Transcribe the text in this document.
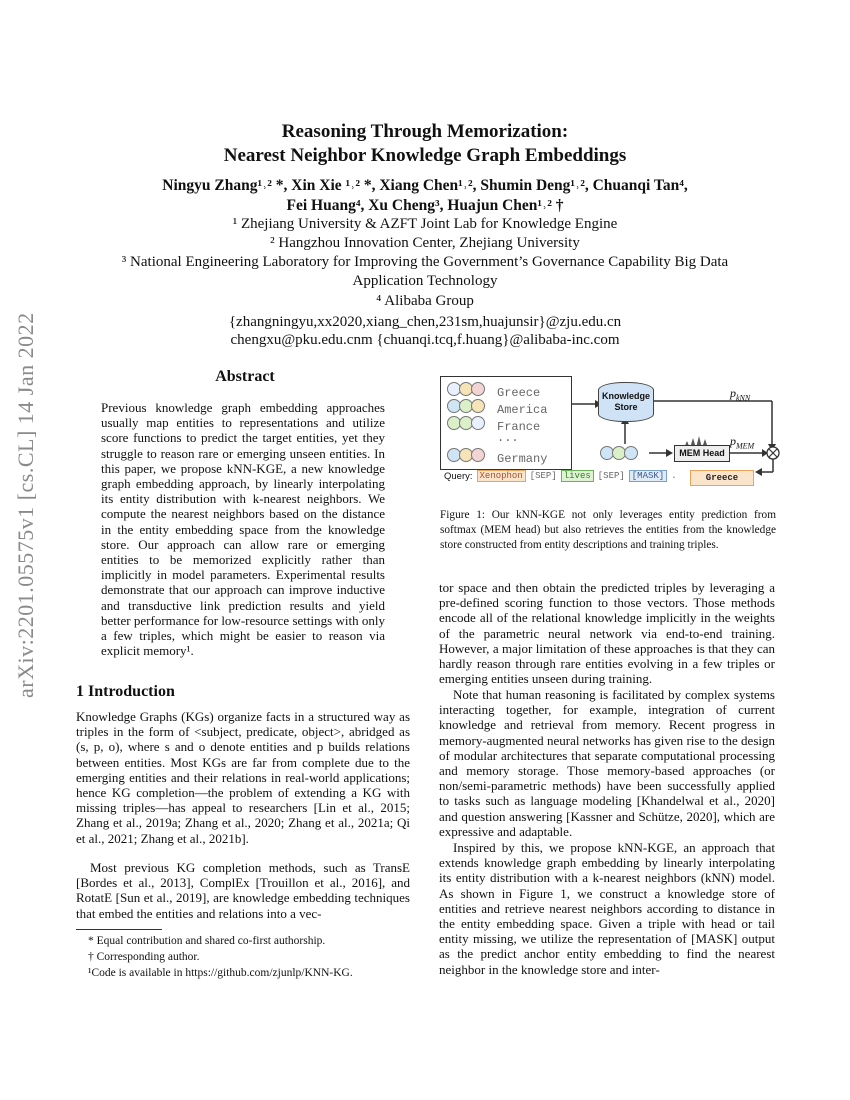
arXiv:2201.05575v1 [cs.CL] 14 Jan 2022
Reasoning Through Memorization:
Nearest Neighbor Knowledge Graph Embeddings
Ningyu Zhang¹˒² *, Xin Xie ¹˒² *, Xiang Chen¹˒², Shumin Deng¹˒², Chuanqi Tan⁴,
Fei Huang⁴, Xu Cheng³, Huajun Chen¹˒² †
¹ Zhejiang University & AZFT Joint Lab for Knowledge Engine
² Hangzhou Innovation Center, Zhejiang University
³ National Engineering Laboratory for Improving the Government’s Governance Capability Big Data
Application Technology
⁴ Alibaba Group
{zhangningyu,xx2020,xiang_chen,231sm,huajunsir}@zju.edu.cn
chengxu@pku.edu.cnm {chuanqi.tcq,f.huang}@alibaba-inc.com
Abstract
Previous knowledge graph embedding approaches usually map entities to representations and utilize score functions to predict the target entities, yet they struggle to reason rare or emerging unseen entities. In this paper, we propose kNN-KGE, a new knowledge graph embedding approach, by linearly interpolating its entity distribution with k-nearest neighbors. We compute the nearest neighbors based on the distance in the entity embedding space from the knowledge store. Our approach can allow rare or emerging entities to be memorized explicitly rather than implicitly in model parameters. Experimental results demonstrate that our approach can improve inductive and transductive link prediction results and yield better performance for low-resource settings with only a few triples, which might be easier to reason via explicit memory¹.
1 Introduction
Knowledge Graphs (KGs) organize facts in a structured way as triples in the form of <subject, predicate, object>, abridged as (s, p, o), where s and o denote entities and p builds relations between entities. Most KGs are far from complete due to the emerging entities and their relations in real-world applications; hence KG completion—the problem of extending a KG with missing triples—has appeal to researchers [Lin et al., 2015; Zhang et al., 2019a; Zhang et al., 2020; Zhang et al., 2021a; Qi et al., 2021; Zhang et al., 2021b].
Most previous KG completion methods, such as TransE [Bordes et al., 2013], ComplEx [Trouillon et al., 2016], and RotatE [Sun et al., 2019], are knowledge embedding techniques that embed the entities and relations into a vec-
* Equal contribution and shared co-first authorship.
† Corresponding author.
¹Code is available in https://github.com/zjunlp/KNN-KG.
Greece
America
France
...
Germany
Knowledge
Store
MEM Head
$p_{kNN}$
$p_{MEM}$
Query: Xenophon [SEP] lives [SEP] [MASK] .	Greece
Figure 1: Our kNN-KGE not only leverages entity prediction from softmax (MEM head) but also retrieves the entities from the knowledge store constructed from entity descriptions and training triples.
tor space and then obtain the predicted triples by leveraging a pre-defined scoring function to those vectors. Those methods encode all of the relational knowledge implicitly in the weights of the parametric neural network via end-to-end training. However, a major limitation of these approaches is that they can hardly reason through rare entities evolving in a few triples or emerging entities unseen during training.
Note that human reasoning is facilitated by complex systems interacting together, for example, integration of current knowledge and retrieval from memory. Recent progress in memory-augmented neural networks has given rise to the design of modular architectures that separate computational processing and memory storage. Those memory-based approaches (or non/semi-parametric methods) have been successfully applied to tasks such as language modeling [Khandelwal et al., 2020] and question answering [Kassner and Schütze, 2020], which are expressive and adaptable.
Inspired by this, we propose kNN-KGE, an approach that extends knowledge graph embedding by linearly interpolating its entity distribution with a k-nearest neighbors (kNN) model. As shown in Figure 1, we construct a knowledge store of entities and retrieve nearest neighbors according to distance in the entity embedding space. Given a triple with head or tail entity missing, we utilize the representation of [MASK] output as the predict anchor entity embedding to find the nearest neighbor in the knowledge store and inter-
